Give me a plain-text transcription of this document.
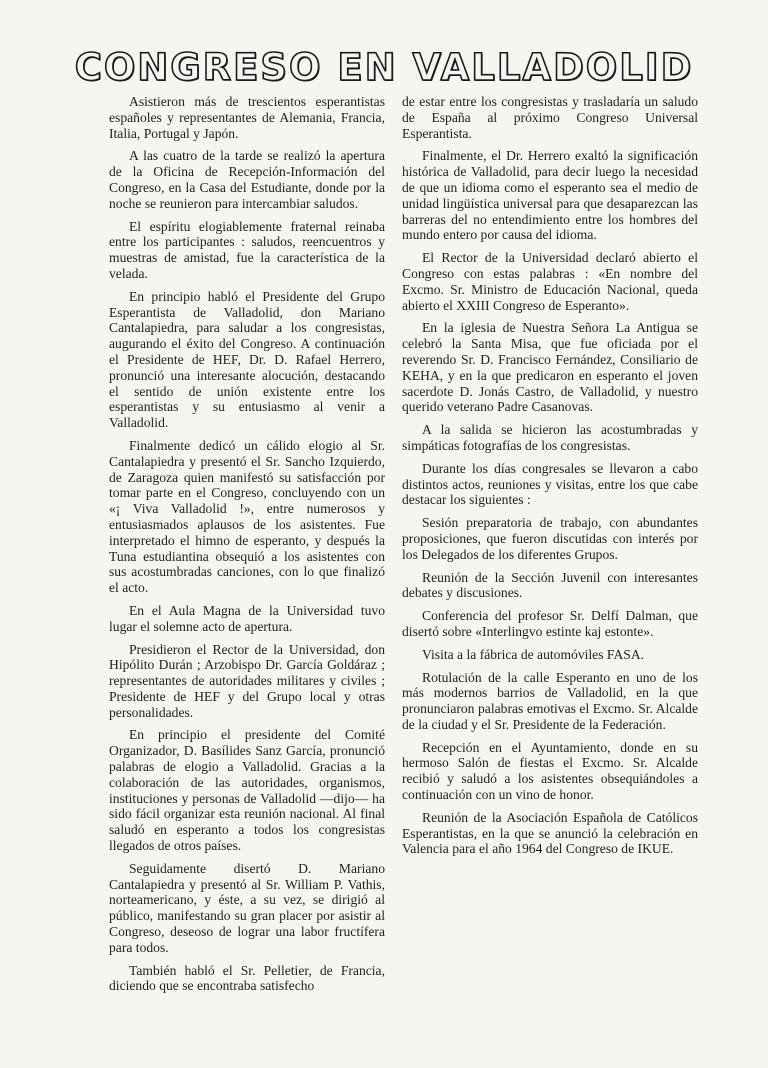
CONGRESO EN VALLADOLID

Asistieron más de trescientos esperantistas españoles y representantes de Alemania, Francia, Italia, Portugal y Japón.

A las cuatro de la tarde se realizó la apertura de la Oficina de Recepción-Información del Congreso, en la Casa del Estudiante, donde por la noche se reunieron para intercambiar saludos.

El espíritu elogiablemente fraternal reinaba entre los participantes : saludos, reencuentros y muestras de amistad, fue la característica de la velada.

En principio habló el Presidente del Grupo Esperantista de Valladolid, don Mariano Cantalapiedra, para saludar a los congresistas, augurando el éxito del Congreso. A continuación el Presidente de HEF, Dr. D. Rafael Herrero, pronunció una interesante alocución, destacando el sentido de unión existente entre los esperantistas y su entusiasmo al venir a Valladolid.

Finalmente dedicó un cálido elogio al Sr. Cantalapiedra y presentó el Sr. Sancho Izquierdo, de Zaragoza quien manifestó su satisfacción por tomar parte en el Congreso, concluyendo con un «¡ Viva Valladolid !», entre numerosos y entusiasmados aplausos de los asistentes. Fue interpretado el himno de esperanto, y después la Tuna estudiantina obsequió a los asistentes con sus acostumbradas canciones, con lo que finalizó el acto.

En el Aula Magna de la Universidad tuvo lugar el solemne acto de apertura.

Presidieron el Rector de la Universidad, don Hipólito Durán ; Arzobispo Dr. García Goldáraz ; representantes de autoridades militares y civiles ; Presidente de HEF y del Grupo local y otras personalidades.

En principio el presidente del Comité Organizador, D. Basílides Sanz García, pronunció palabras de elogio a Valladolid. Gracias a la colaboración de las autoridades, organismos, instituciones y personas de Valladolid —dijo— ha sido fácil organizar esta reunión nacional. Al final saludó en esperanto a todos los congresistas llegados de otros países.

Seguidamente disertó D. Mariano Cantalapiedra y presentó al Sr. William P. Vathis, norteamericano, y éste, a su vez, se dirigió al público, manifestando su gran placer por asistir al Congreso, deseoso de lograr una labor fructífera para todos.

También habló el Sr. Pelletier, de Francia, diciendo que se encontraba satisfecho

de estar entre los congresistas y trasladaría un saludo de España al próximo Congreso Universal Esperantista.

Finalmente, el Dr. Herrero exaltó la significación histórica de Valladolid, para decir luego la necesidad de que un idioma como el esperanto sea el medio de unidad lingüística universal para que desaparezcan las barreras del no entendimiento entre los hombres del mundo entero por causa del idioma.

El Rector de la Universidad declaró abierto el Congreso con estas palabras : «En nombre del Excmo. Sr. Ministro de Educación Nacional, queda abierto el XXIII Congreso de Esperanto».

En la iglesia de Nuestra Señora La Antigua se celebró la Santa Misa, que fue oficiada por el reverendo Sr. D. Francisco Fernández, Consiliario de KEHA, y en la que predicaron en esperanto el joven sacerdote D. Jonás Castro, de Valladolid, y nuestro querido veterano Padre Casanovas.

A la salida se hicieron las acostumbradas y simpáticas fotografías de los congresistas.

Durante los días congresales se llevaron a cabo distintos actos, reuniones y visitas, entre los que cabe destacar los siguientes :

Sesión preparatoria de trabajo, con abundantes proposiciones, que fueron discutidas con interés por los Delegados de los diferentes Grupos.

Reunión de la Sección Juvenil con interesantes debates y discusiones.

Conferencia del profesor Sr. Delfí Dalman, que disertó sobre «Interlingvo estinte kaj estonte».

Visita a la fábrica de automóviles FASA.

Rotulación de la calle Esperanto en uno de los más modernos barrios de Valladolid, en la que pronunciaron palabras emotivas el Excmo. Sr. Alcalde de la ciudad y el Sr. Presidente de la Federación.

Recepción en el Ayuntamiento, donde en su hermoso Salón de fiestas el Excmo. Sr. Alcalde recibió y saludó a los asistentes obsequiándoles a continuación con un vino de honor.

Reunión de la Asociación Española de Católicos Esperantistas, en la que se anunció la celebración en Valencia para el año 1964 del Congreso de IKUE.
